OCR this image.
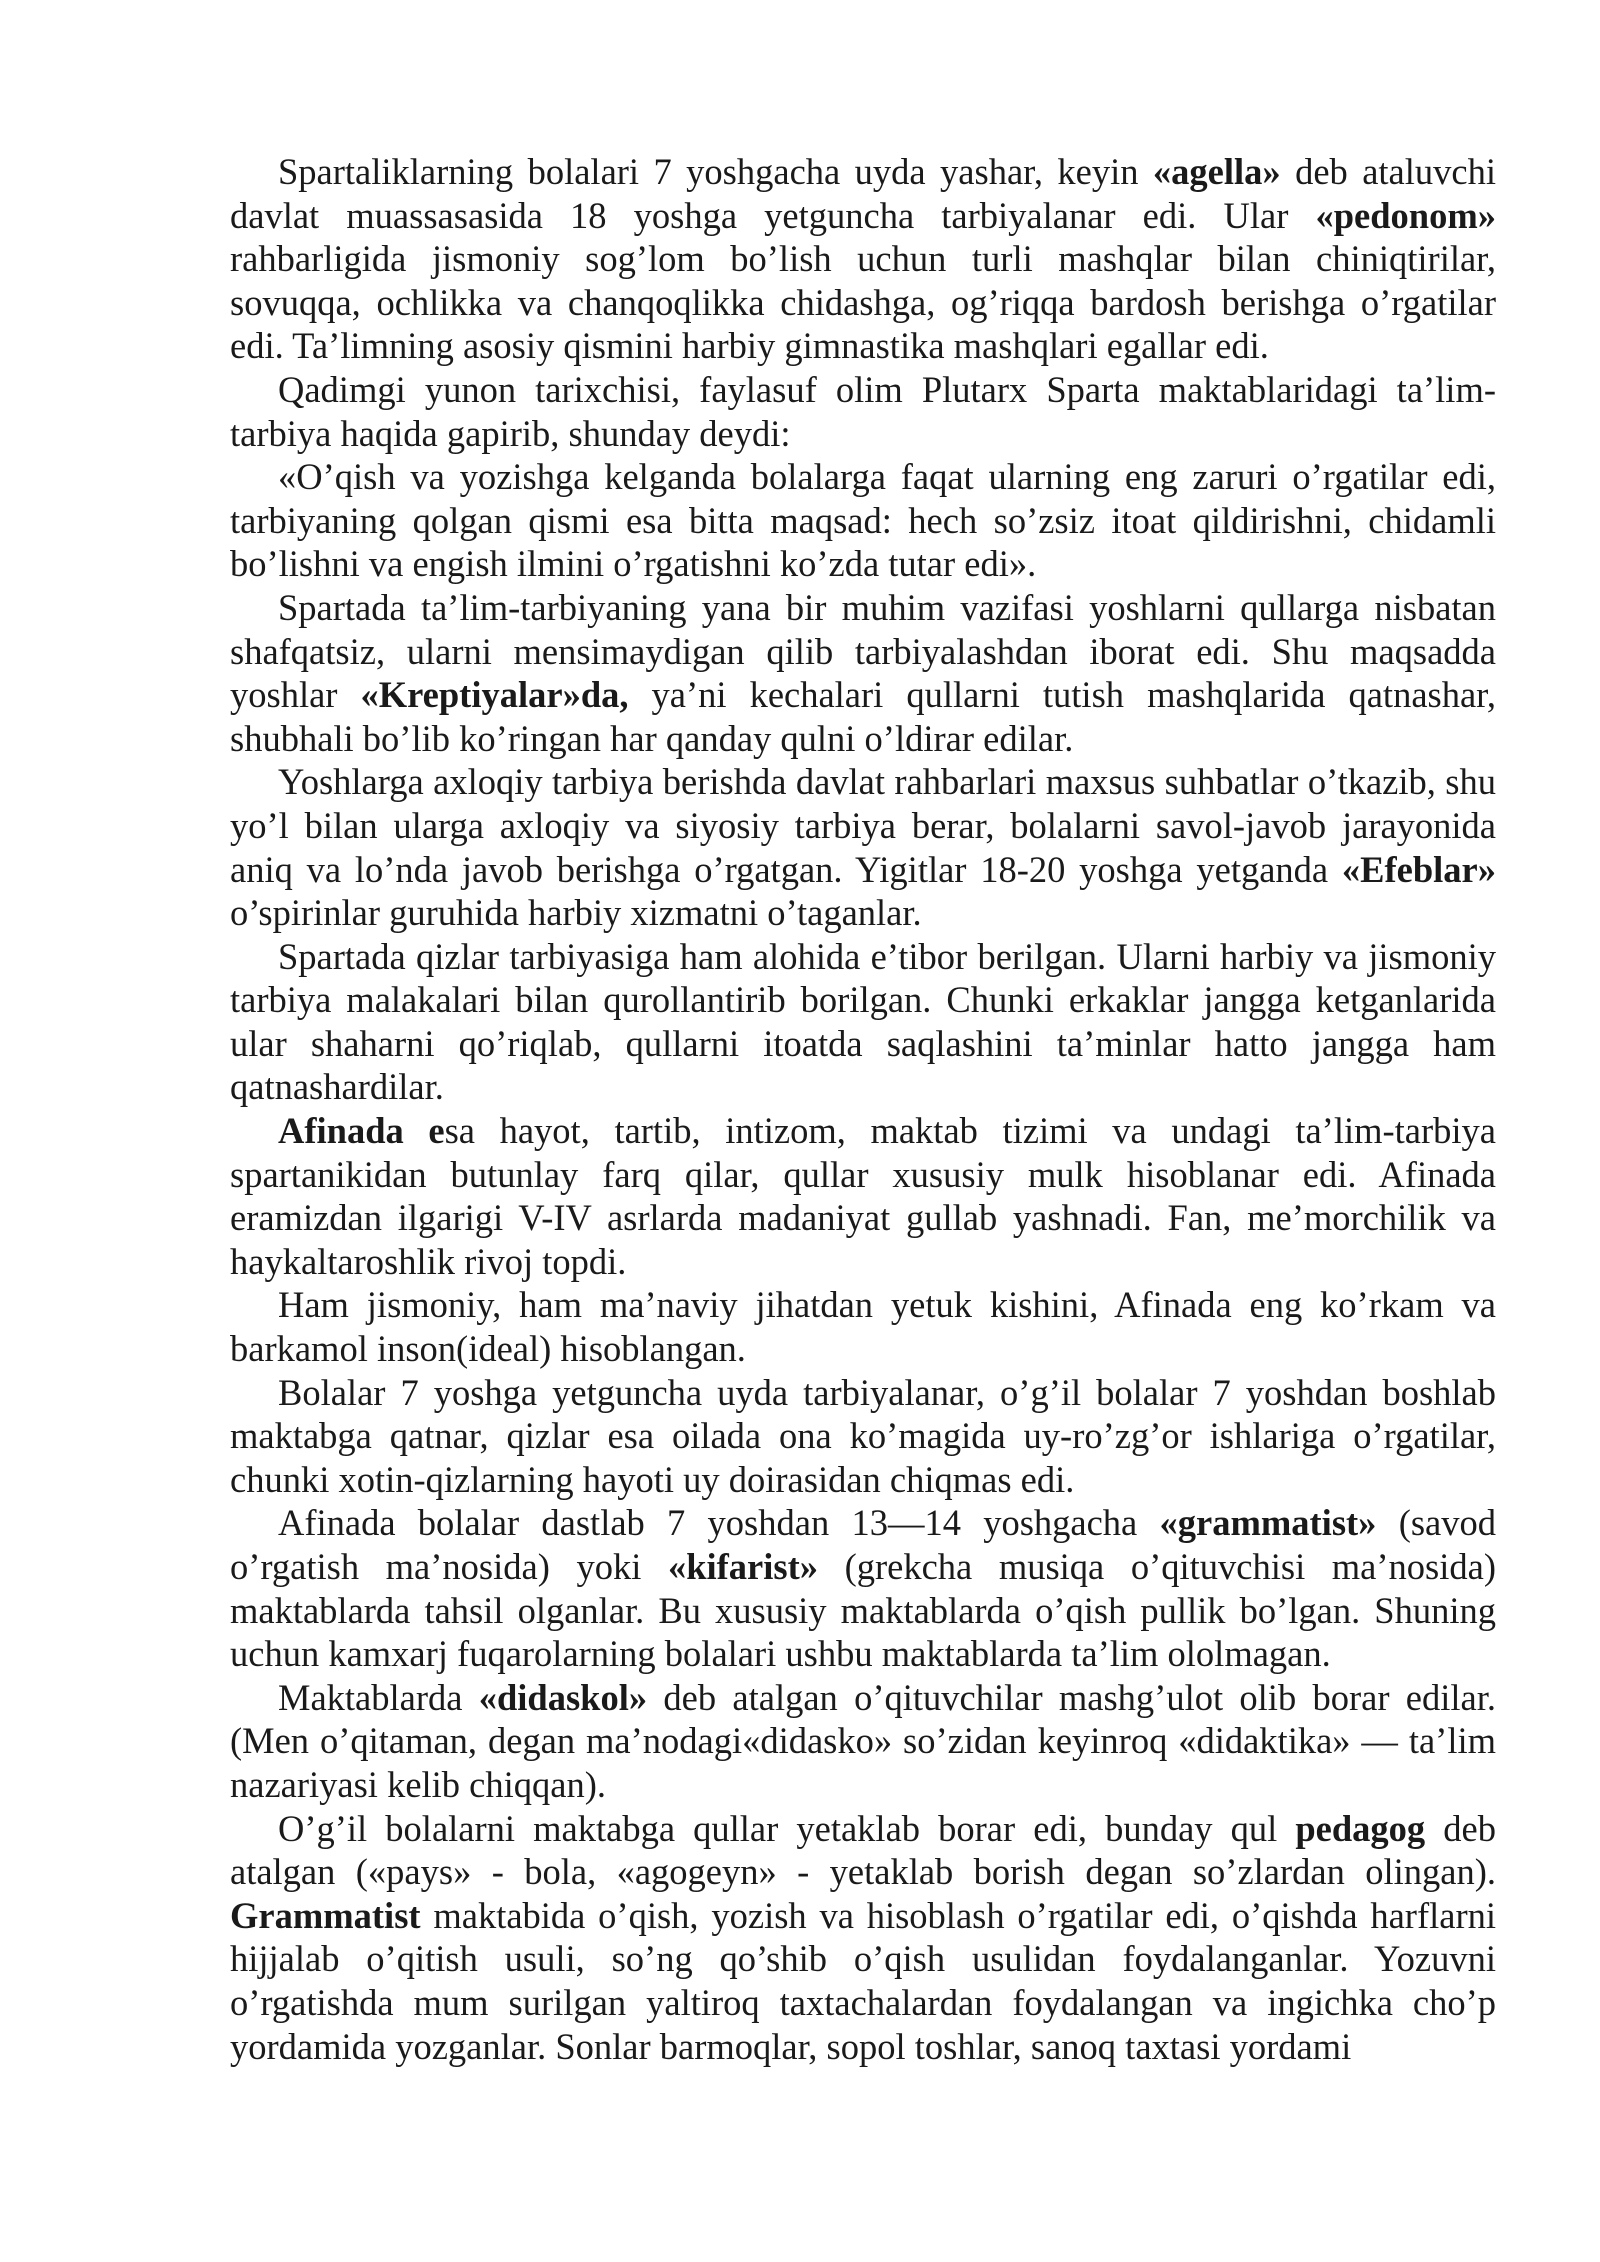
Spartaliklarning bolalari 7 yoshgacha uyda yashar, keyin «agella» deb ataluvchi davlat muassasasida 18 yoshga yetguncha tarbiyalanar edi. Ular «pedonom» rahbarligida jismoniy sog’lom bo’lish uchun turli mashqlar bilan chiniqtirilar, sovuqqa, ochlikka va chanqoqlikka chidashga, og’riqqa bardosh berishga o’rgatilar edi. Ta’limning asosiy qismini harbiy gimnastika mashqlari egallar edi.

Qadimgi yunon tarixchisi, faylasuf olim Plutarx Sparta maktablaridagi ta’lim-tarbiya haqida gapirib, shunday deydi:

«O’qish va yozishga kelganda bolalarga faqat ularning eng zaruri o’rgatilar edi, tarbiyaning qolgan qismi esa bitta maqsad: hech so’zsiz itoat qildirishni, chidamli bo’lishni va engish ilmini o’rgatishni ko’zda tutar edi».

Spartada ta’lim-tarbiyaning yana bir muhim vazifasi yoshlarni qullarga nisbatan shafqatsiz, ularni mensimaydigan qilib tarbiyalashdan iborat edi. Shu maqsadda yoshlar «Kreptiyalar»da, ya’ni kechalari qullarni tutish mashqlarida qatnashar, shubhali bo’lib ko’ringan har qanday qulni o’ldirar edilar.

Yoshlarga axloqiy tarbiya berishda davlat rahbarlari maxsus suhbatlar o’tkazib, shu yo’l bilan ularga axloqiy va siyosiy tarbiya berar, bolalarni savol-javob jarayonida aniq va lo’nda javob berishga o’rgatgan. Yigitlar 18-20 yoshga yetganda «Efeblar» o’spirinlar guruhida harbiy xizmatni o’taganlar.

Spartada qizlar tarbiyasiga ham alohida e’tibor berilgan. Ularni harbiy va jismoniy tarbiya malakalari bilan qurollantirib borilgan. Chunki erkaklar jangga ketganlarida ular shaharni qo’riqlab, qullarni itoatda saqlashini ta’minlar hatto jangga ham qatnashardilar.

Afinada esa hayot, tartib, intizom, maktab tizimi va undagi ta’lim-tarbiya spartanikidan butunlay farq qilar, qullar xususiy mulk hisoblanar edi. Afinada eramizdan ilgarigi V-IV asrlarda madaniyat gullab yashnadi. Fan, me’morchilik va haykaltaroshlik rivoj topdi.

Ham jismoniy, ham ma’naviy jihatdan yetuk kishini, Afinada eng ko’rkam va barkamol inson(ideal) hisoblangan.

Bolalar 7 yoshga yetguncha uyda tarbiyalanar, o’g’il bolalar 7 yoshdan boshlab maktabga qatnar, qizlar esa oilada ona ko’magida uy-ro’zg’or ishlariga o’rgatilar, chunki xotin-qizlarning hayoti uy doirasidan chiqmas edi.

Afinada bolalar dastlab 7 yoshdan 13—14 yoshgacha «grammatist» (savod o’rgatish ma’nosida) yoki «kifarist» (grekcha musiqa o’qituvchisi ma’nosida) maktablarda tahsil olganlar. Bu xususiy maktablarda o’qish pullik bo’lgan. Shuning uchun kamxarj fuqarolarning bolalari ushbu maktablarda ta’lim ololmagan.

Maktablarda «didaskol» deb atalgan o’qituvchilar mashg’ulot olib borar edilar. (Men o’qitaman, degan ma’nodagi«didasko» so’zidan keyinroq «didaktika» — ta’lim nazariyasi kelib chiqqan).

O’g’il bolalarni maktabga qullar yetaklab borar edi, bunday qul pedagog deb atalgan («pays» - bola, «agogeyn» - yetaklab borish degan so’zlardan olingan). Grammatist maktabida o’qish, yozish va hisoblash o’rgatilar edi, o’qishda harflarni hijjalab o’qitish usuli, so’ng qo’shib o’qish usulidan foydalanganlar. Yozuvni o’rgatishda mum surilgan yaltiroq taxtachalardan foydalangan va ingichka cho’p yordamida yozganlar. Sonlar barmoqlar, sopol toshlar, sanoq taxtasi yordami
